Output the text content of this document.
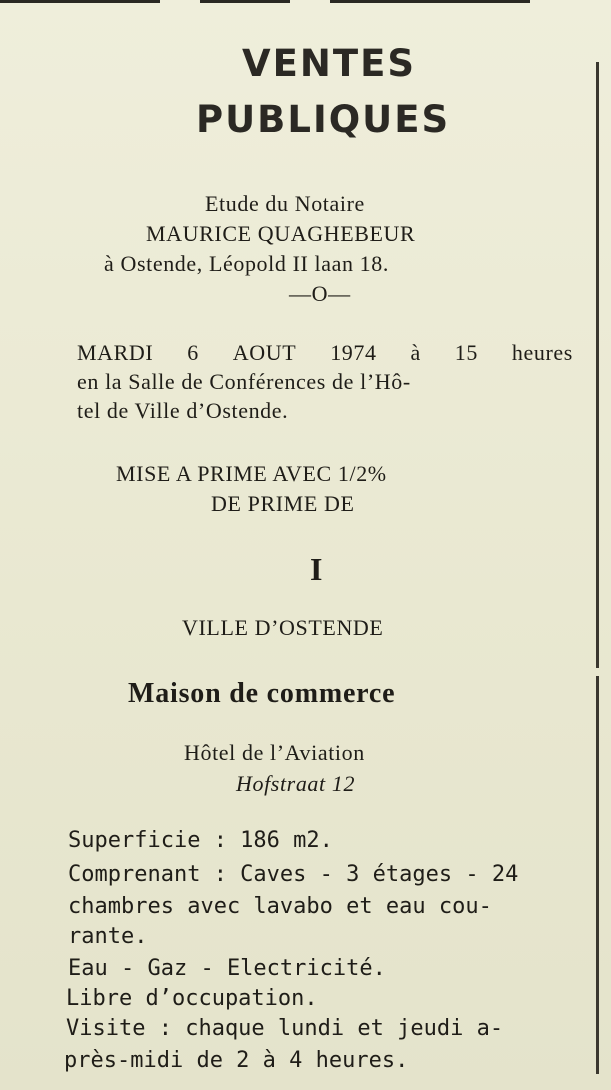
VENTES
PUBLIQUES
Etude du Notaire
MAURICE QUAGHEBEUR
à Ostende, Léopold II laan 18.
—O—
MARDI 6 AOUT 1974 à 15 heures
en la Salle de Conférences de l’Hô-
tel de Ville d’Ostende.
MISE A PRIME AVEC 1/2%
DE PRIME DE
I
VILLE D’OSTENDE
Maison de commerce
Hôtel de l’Aviation
Hofstraat 12
Superficie : 186 m2.
Comprenant : Caves - 3 étages - 24
chambres avec lavabo et eau cou-
rante.
Eau - Gaz - Electricité.
Libre d’occupation.
Visite : chaque lundi et jeudi a-
près-midi de 2 à 4 heures.
